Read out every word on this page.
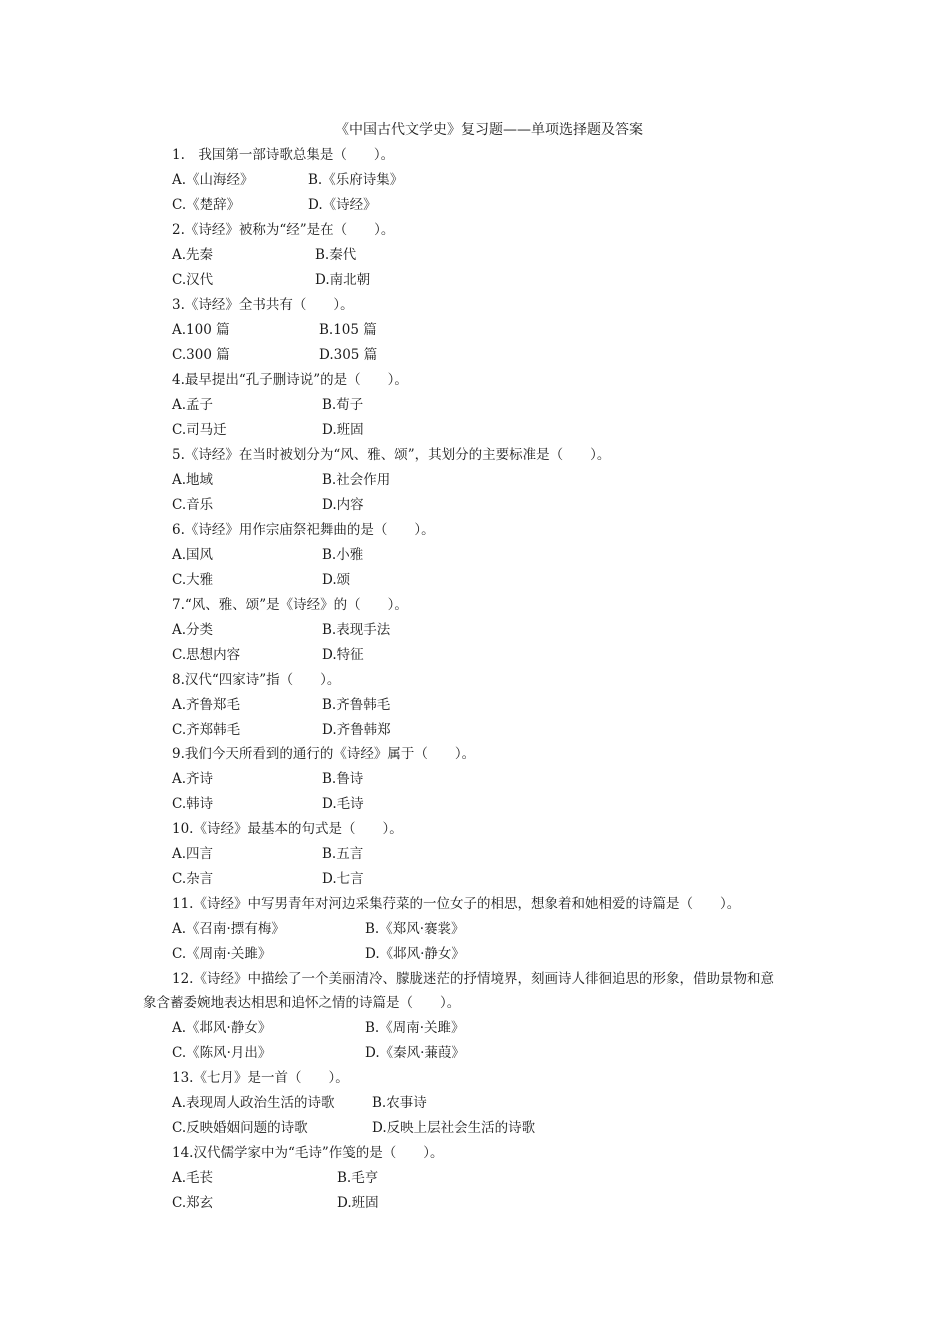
《中国古代文学史》复习题——单项选择题及答案
1.　我国第一部诗歌总集是（　　）。
A.《山海经》	B.《乐府诗集》
C.《楚辞》	D.《诗经》
2.《诗经》被称为“经”是在（　　）。
A.先秦	B.秦代
C.汉代	D.南北朝
3.《诗经》全书共有（　　）。
A.100 篇	B.105 篇
C.300 篇	D.305 篇
4.最早提出“孔子删诗说”的是（　　）。
A.孟子	B.荀子
C.司马迁	D.班固
5.《诗经》在当时被划分为“风、雅、颂”，其划分的主要标准是（　　）。
A.地域	B.社会作用
C.音乐	D.内容
6.《诗经》用作宗庙祭祀舞曲的是（　　）。
A.国风	B.小雅
C.大雅	D.颂
7.“风、雅、颂”是《诗经》的（　　）。
A.分类	B.表现手法
C.思想内容	D.特征
8.汉代“四家诗”指（　　）。
A.齐鲁郑毛	B.齐鲁韩毛
C.齐郑韩毛	D.齐鲁韩郑
9.我们今天所看到的通行的《诗经》属于（　　）。
A.齐诗	B.鲁诗
C.韩诗	D.毛诗
10.《诗经》最基本的句式是（　　）。
A.四言	B.五言
C.杂言	D.七言
11.《诗经》中写男青年对河边采集荇菜的一位女子的相思，想象着和她相爱的诗篇是（　　）。
A.《召南·摽有梅》	B.《郑风·褰裳》
C.《周南·关雎》	D.《邶风·静女》
12.《诗经》中描绘了一个美丽清冷、朦胧迷茫的抒情境界，刻画诗人徘徊追思的形象，借助景物和意
象含蓄委婉地表达相思和追怀之情的诗篇是（　　）。
A.《邶风·静女》	B.《周南·关雎》
C.《陈风·月出》	D.《秦风·蒹葭》
13.《七月》是一首（　　）。
A.表现周人政治生活的诗歌	B.农事诗
C.反映婚姻问题的诗歌	D.反映上层社会生活的诗歌
14.汉代儒学家中为“毛诗”作笺的是（　　）。
A.毛苌	B.毛亨
C.郑玄	D.班固
